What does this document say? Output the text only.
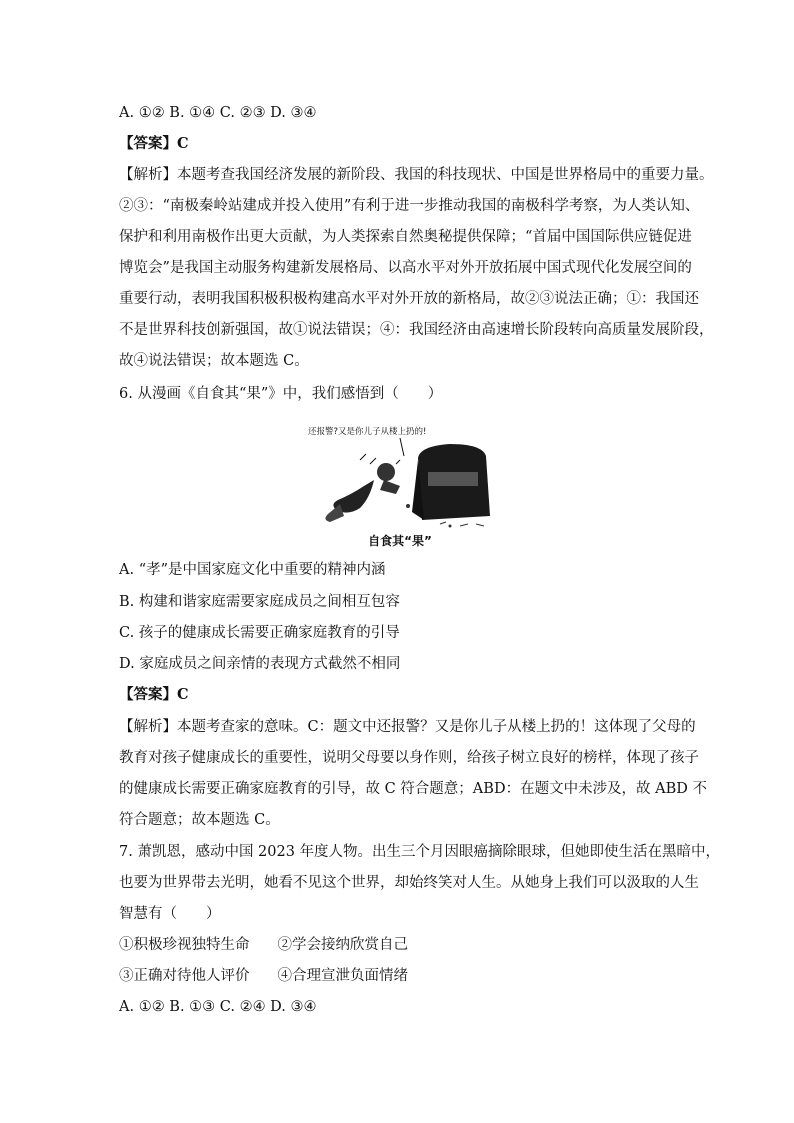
A. ①② B. ①④ C. ②③ D. ③④
【答案】C
【解析】本题考查我国经济发展的新阶段、我国的科技现状、中国是世界格局中的重要力量。
②③：“南极秦岭站建成并投入使用”有利于进一步推动我国的南极科学考察，为人类认知、
保护和利用南极作出更大贡献，为人类探索自然奥秘提供保障；“首届中国国际供应链促进
博览会”是我国主动服务构建新发展格局、以高水平对外开放拓展中国式现代化发展空间的
重要行动，表明我国积极积极构建高水平对外开放的新格局，故②③说法正确；①：我国还
不是世界科技创新强国，故①说法错误；④：我国经济由高速增长阶段转向高质量发展阶段，
故④说法错误；故本题选 C。
6. 从漫画《自食其“果”》中，我们感悟到（　　）
还报警?又是你儿子从楼上扔的!
自食其“果”
A. “孝”是中国家庭文化中重要的精神内涵
B. 构建和谐家庭需要家庭成员之间相互包容
C. 孩子的健康成长需要正确家庭教育的引导
D. 家庭成员之间亲情的表现方式截然不相同
【答案】C
【解析】本题考查家的意味。C：题文中还报警？又是你儿子从楼上扔的！这体现了父母的
教育对孩子健康成长的重要性，说明父母要以身作则，给孩子树立良好的榜样，体现了孩子
的健康成长需要正确家庭教育的引导，故 C 符合题意；ABD：在题文中未涉及，故 ABD 不
符合题意；故本题选 C。
7. 萧凯恩，感动中国 2023 年度人物。出生三个月因眼癌摘除眼球，但她即使生活在黑暗中，
也要为世界带去光明，她看不见这个世界，却始终笑对人生。从她身上我们可以汲取的人生
智慧有（　　）
①积极珍视独特生命 ②学会接纳欣赏自己
③正确对待他人评价 ④合理宣泄负面情绪
A. ①② B. ①③ C. ②④ D. ③④
